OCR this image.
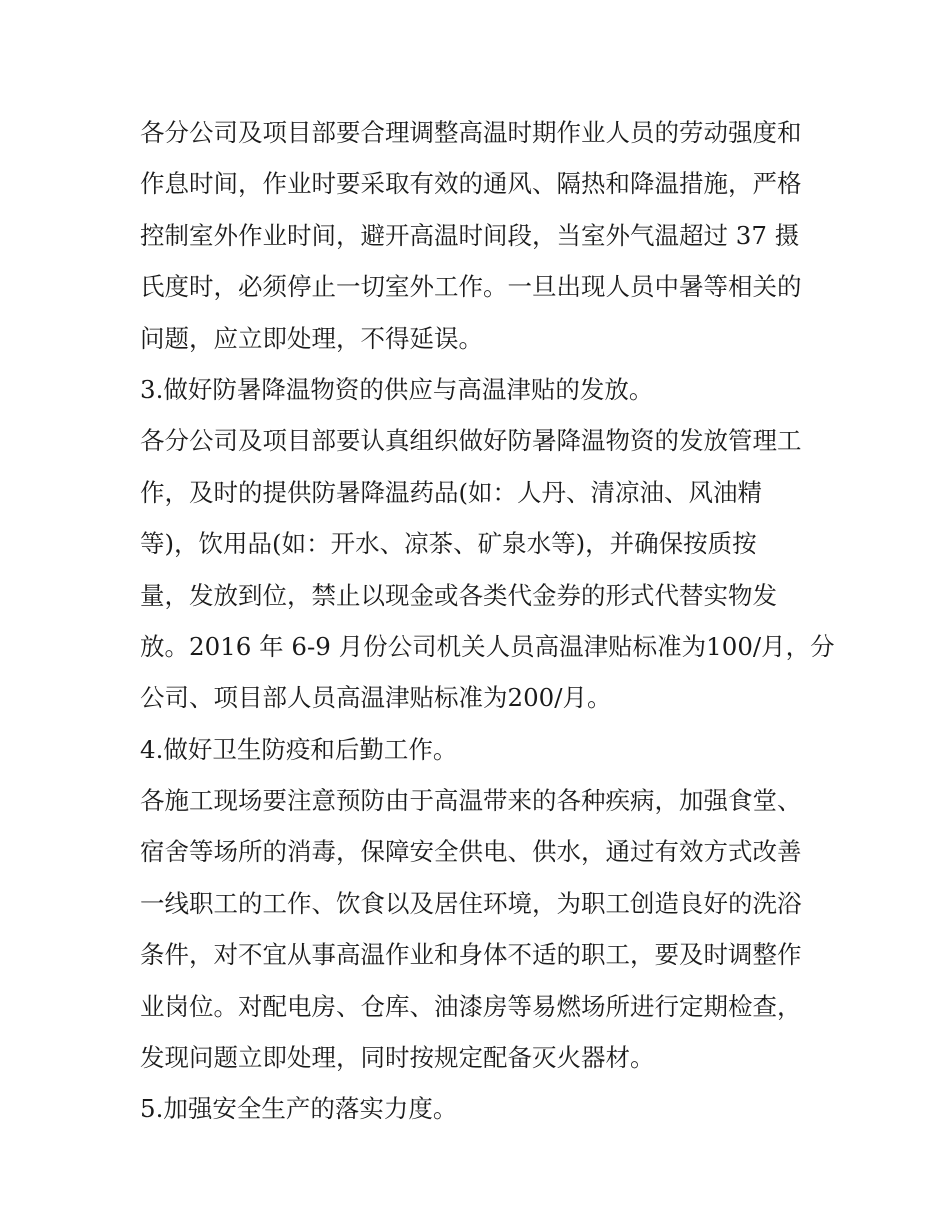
各分公司及项目部要合理调整高温时期作业人员的劳动强度和
作息时间，作业时要采取有效的通风、隔热和降温措施，严格
控制室外作业时间，避开高温时间段，当室外气温超过 37 摄
氏度时，必须停止一切室外工作。一旦出现人员中暑等相关的
问题，应立即处理，不得延误。
3.做好防暑降温物资的供应与高温津贴的发放。
各分公司及项目部要认真组织做好防暑降温物资的发放管理工
作，及时的提供防暑降温药品(如：人丹、清凉油、风油精
等)，饮用品(如：开水、凉茶、矿泉水等)，并确保按质按
量，发放到位，禁止以现金或各类代金券的形式代替实物发
放。2016 年 6-9 月份公司机关人员高温津贴标准为100/月，分
公司、项目部人员高温津贴标准为200/月。
4.做好卫生防疫和后勤工作。
各施工现场要注意预防由于高温带来的各种疾病，加强食堂、
宿舍等场所的消毒，保障安全供电、供水，通过有效方式改善
一线职工的工作、饮食以及居住环境，为职工创造良好的洗浴
条件，对不宜从事高温作业和身体不适的职工，要及时调整作
业岗位。对配电房、仓库、油漆房等易燃场所进行定期检查，
发现问题立即处理，同时按规定配备灭火器材。
5.加强安全生产的落实力度。
